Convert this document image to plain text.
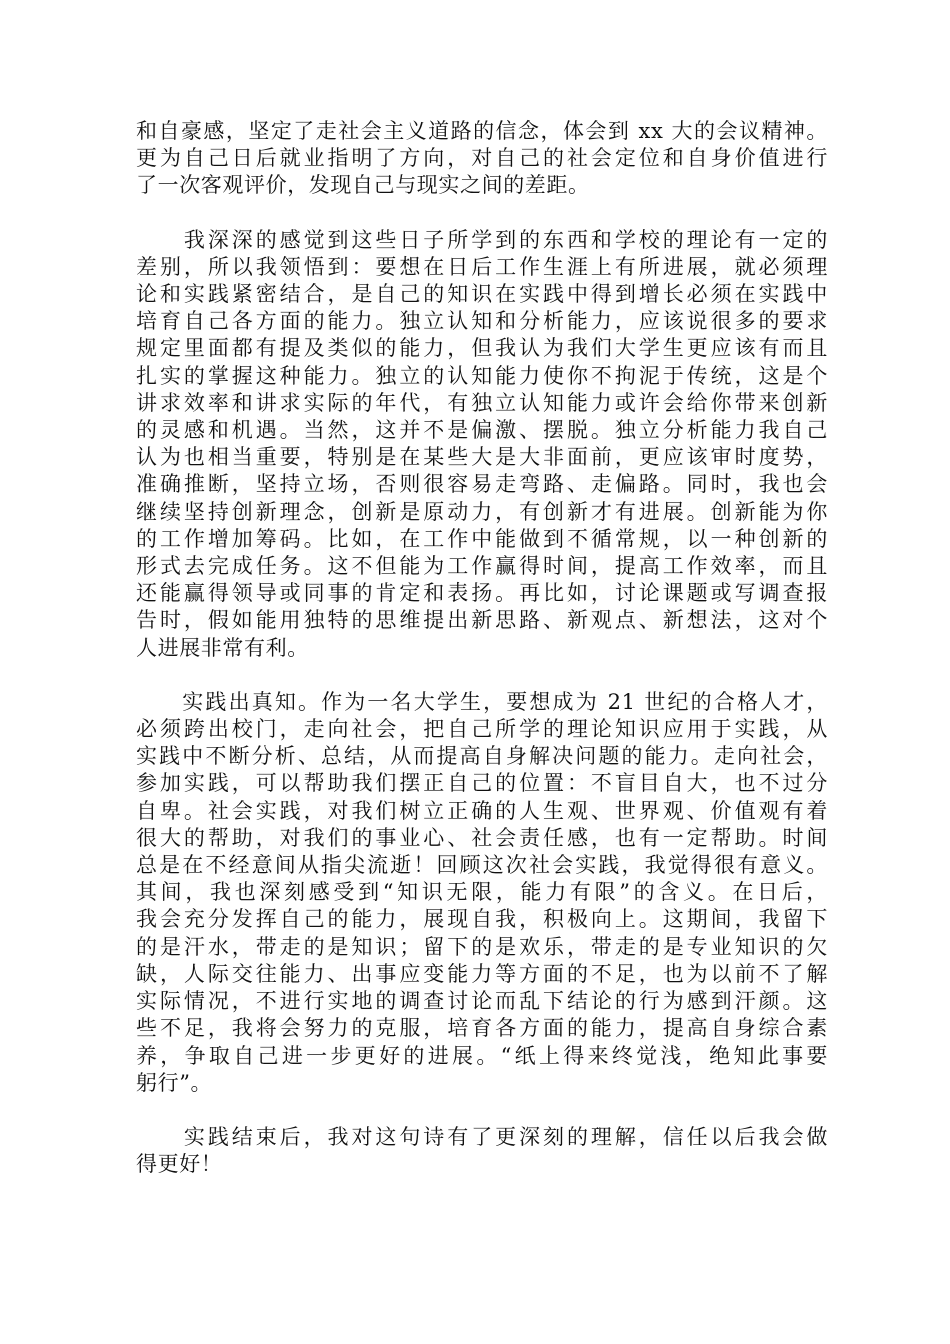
和自豪感，坚定了走社会主义道路的信念，体会到 xx 大的会议精神。
更为自己日后就业指明了方向，对自己的社会定位和自身价值进行
了一次客观评价，发现自己与现实之间的差距。
　　我深深的感觉到这些日子所学到的东西和学校的理论有一定的
差别，所以我领悟到：要想在日后工作生涯上有所进展，就必须理
论和实践紧密结合，是自己的知识在实践中得到增长必须在实践中
培育自己各方面的能力。独立认知和分析能力，应该说很多的要求
规定里面都有提及类似的能力，但我认为我们大学生更应该有而且
扎实的掌握这种能力。独立的认知能力使你不拘泥于传统，这是个
讲求效率和讲求实际的年代，有独立认知能力或许会给你带来创新
的灵感和机遇。当然，这并不是偏激、摆脱。独立分析能力我自己
认为也相当重要，特别是在某些大是大非面前，更应该审时度势，
准确推断，坚持立场，否则很容易走弯路、走偏路。同时，我也会
继续坚持创新理念，创新是原动力，有创新才有进展。创新能为你
的工作增加筹码。比如，在工作中能做到不循常规，以一种创新的
形式去完成任务。这不但能为工作赢得时间，提高工作效率，而且
还能赢得领导或同事的肯定和表扬。再比如，讨论课题或写调查报
告时，假如能用独特的思维提出新思路、新观点、新想法，这对个
人进展非常有利。
　　实践出真知。作为一名大学生，要想成为 21 世纪的合格人才，
必须跨出校门，走向社会，把自己所学的理论知识应用于实践，从
实践中不断分析、总结，从而提高自身解决问题的能力。走向社会，
参加实践，可以帮助我们摆正自己的位置：不盲目自大，也不过分
自卑。社会实践，对我们树立正确的人生观、世界观、价值观有着
很大的帮助，对我们的事业心、社会责任感，也有一定帮助。时间
总是在不经意间从指尖流逝！回顾这次社会实践，我觉得很有意义。
其间，我也深刻感受到“知识无限，能力有限”的含义。在日后，
我会充分发挥自己的能力，展现自我，积极向上。这期间，我留下
的是汗水，带走的是知识；留下的是欢乐，带走的是专业知识的欠
缺，人际交往能力、出事应变能力等方面的不足，也为以前不了解
实际情况，不进行实地的调查讨论而乱下结论的行为感到汗颜。这
些不足，我将会努力的克服，培育各方面的能力，提高自身综合素
养，争取自己进一步更好的进展。“纸上得来终觉浅，绝知此事要
躬行”。
　　实践结束后，我对这句诗有了更深刻的理解，信任以后我会做
得更好！
